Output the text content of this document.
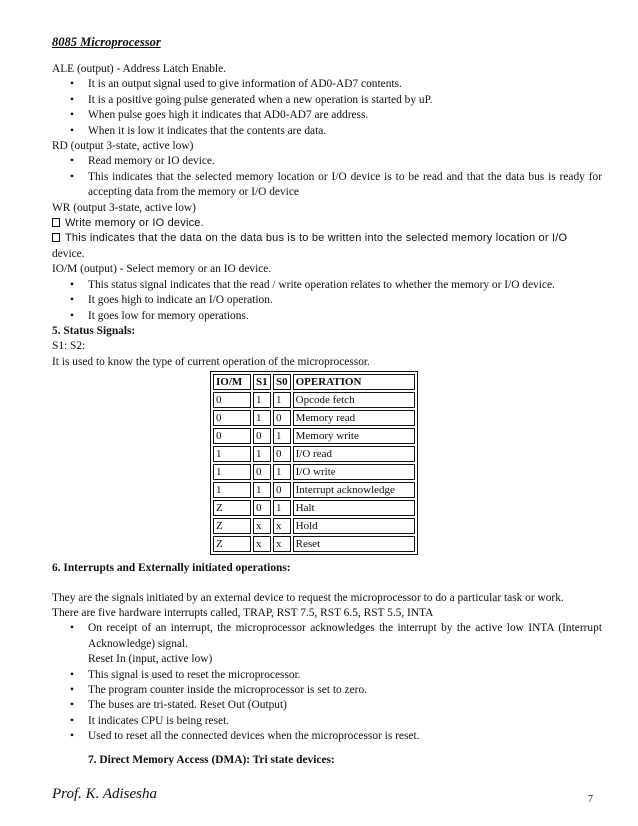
8085 Microprocessor
ALE (output) - Address Latch Enable.
• It is an output signal used to give information of AD0-AD7 contents.
• It is a positive going pulse generated when a new operation is started by uP.
• When pulse goes high it indicates that AD0-AD7 are address.
• When it is low it indicates that the contents are data.
RD (output 3-state, active low)
• Read memory or IO device.
• This indicates that the selected memory location or I/O device is to be read and that the data bus is ready for accepting data from the memory or I/O device
WR (output 3-state, active low)
Write memory or IO device.
This indicates that the data on the data bus is to be written into the selected memory location or I/O
device.
IO/M (output) - Select memory or an IO device.
• This status signal indicates that the read / write operation relates to whether the memory or I/O device.
• It goes high to indicate an I/O operation.
• It goes low for memory operations.
5. Status Signals:
S1: S2:
It is used to know the type of current operation of the microprocessor.
IO/M	S1	S0	OPERATION
0	1	1	Opcode fetch
0	1	0	Memory read
0	0	1	Memory write
1	1	0	I/O read
1	0	1	I/O write
1	1	0	Interrupt acknowledge
Z	0	1	Halt
Z	x	x	Hold
Z	x	x	Reset
6. Interrupts and Externally initiated operations:
They are the signals initiated by an external device to request the microprocessor to do a particular task or work.
There are five hardware interrupts called, TRAP, RST 7.5, RST 6.5, RST 5.5, INTA
• On receipt of an interrupt, the microprocessor acknowledges the interrupt by the active low INTA (Interrupt Acknowledge) signal.
Reset In (input, active low)
• This signal is used to reset the microprocessor.
• The program counter inside the microprocessor is set to zero.
• The buses are tri-stated. Reset Out (Output)
• It indicates CPU is being reset.
• Used to reset all the connected devices when the microprocessor is reset.
7. Direct Memory Access (DMA): Tri state devices:
Prof. K. Adisesha	7
